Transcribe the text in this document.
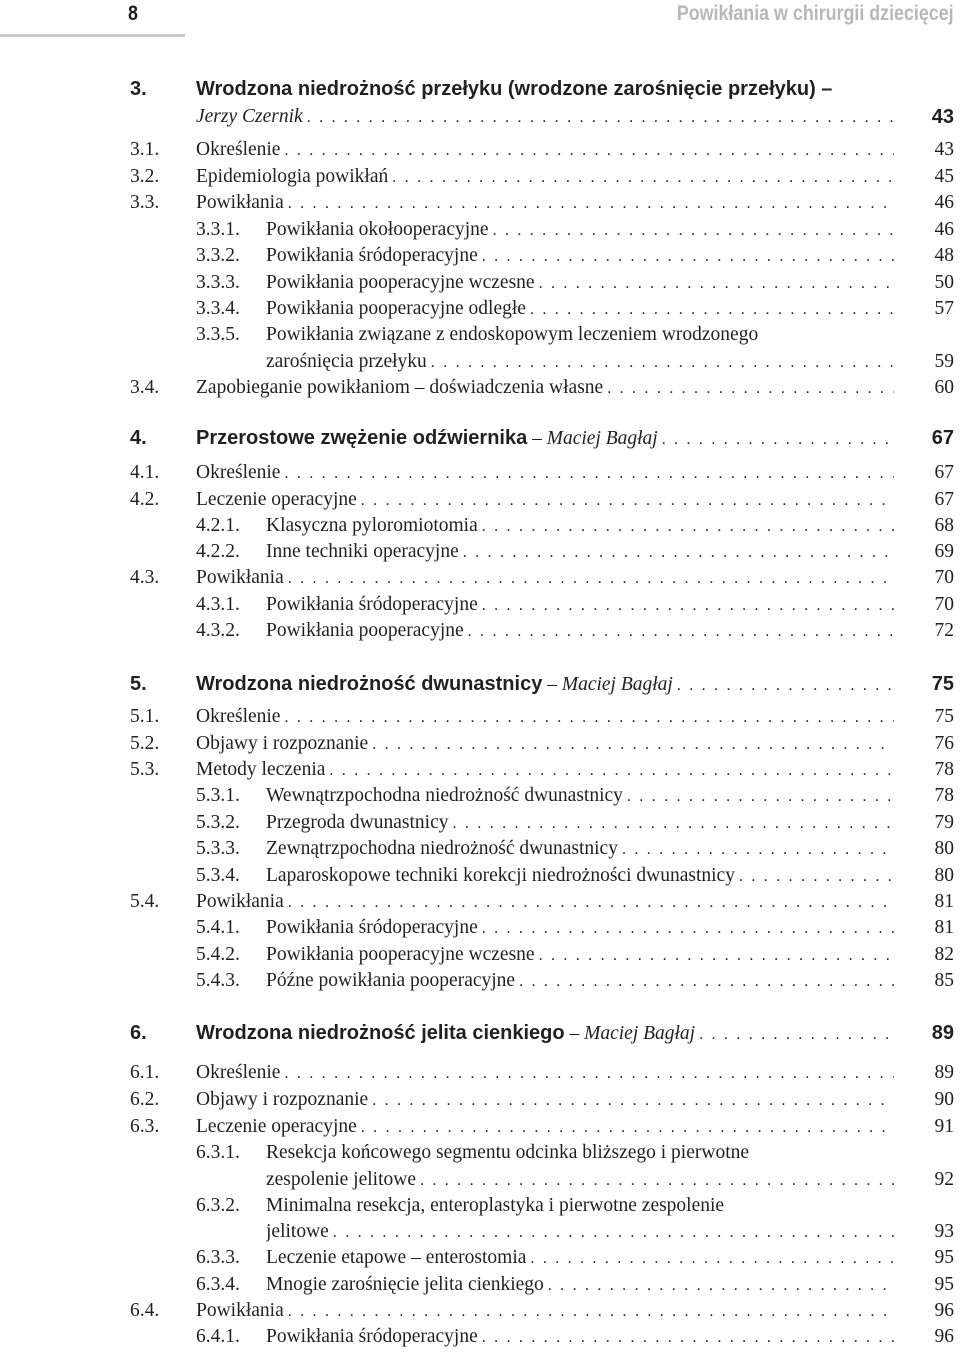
8	Powikłania w chirurgii dziecięcej
3. Wrodzona niedrożność przełyku (wrodzone zarośnięcie przełyku) –
Jerzy Czernik . . .	43
3.1. Określenie . . .	43
3.2. Epidemiologia powikłań . . .	45
3.3. Powikłania . . .	46
3.3.1. Powikłania okołooperacyjne . . .	46
3.3.2. Powikłania śródoperacyjne . . .	48
3.3.3. Powikłania pooperacyjne wczesne . . .	50
3.3.4. Powikłania pooperacyjne odległe . . .	57
3.3.5. Powikłania związane z endoskopowym leczeniem wrodzonego
zarośnięcia przełyku . . .	59
3.4. Zapobieganie powikłaniom – doświadczenia własne . . .	60
4. Przerostowe zwężenie odźwiernika – Maciej Bagłaj . . .	67
4.1. Określenie . . .	67
4.2. Leczenie operacyjne . . .	67
4.2.1. Klasyczna pyloromiotomia . . .	68
4.2.2. Inne techniki operacyjne . . .	69
4.3. Powikłania . . .	70
4.3.1. Powikłania śródoperacyjne . . .	70
4.3.2. Powikłania pooperacyjne . . .	72
5. Wrodzona niedrożność dwunastnicy – Maciej Bagłaj . . .	75
5.1. Określenie . . .	75
5.2. Objawy i rozpoznanie . . .	76
5.3. Metody leczenia . . .	78
5.3.1. Wewnątrzpochodna niedrożność dwunastnicy . . .	78
5.3.2. Przegroda dwunastnicy . . .	79
5.3.3. Zewnątrzpochodna niedrożność dwunastnicy . . .	80
5.3.4. Laparoskopowe techniki korekcji niedrożności dwunastnicy . . .	80
5.4. Powikłania . . .	81
5.4.1. Powikłania śródoperacyjne . . .	81
5.4.2. Powikłania pooperacyjne wczesne . . .	82
5.4.3. Późne powikłania pooperacyjne . . .	85
6. Wrodzona niedrożność jelita cienkiego – Maciej Bagłaj . . .	89
6.1. Określenie . . .	89
6.2. Objawy i rozpoznanie . . .	90
6.3. Leczenie operacyjne . . .	91
6.3.1. Resekcja końcowego segmentu odcinka bliższego i pierwotne
zespolenie jelitowe . . .	92
6.3.2. Minimalna resekcja, enteroplastyka i pierwotne zespolenie
jelitowe . . .	93
6.3.3. Leczenie etapowe – enterostomia . . .	95
6.3.4. Mnogie zarośnięcie jelita cienkiego . . .	95
6.4. Powikłania . . .	96
6.4.1. Powikłania śródoperacyjne . . .	96
